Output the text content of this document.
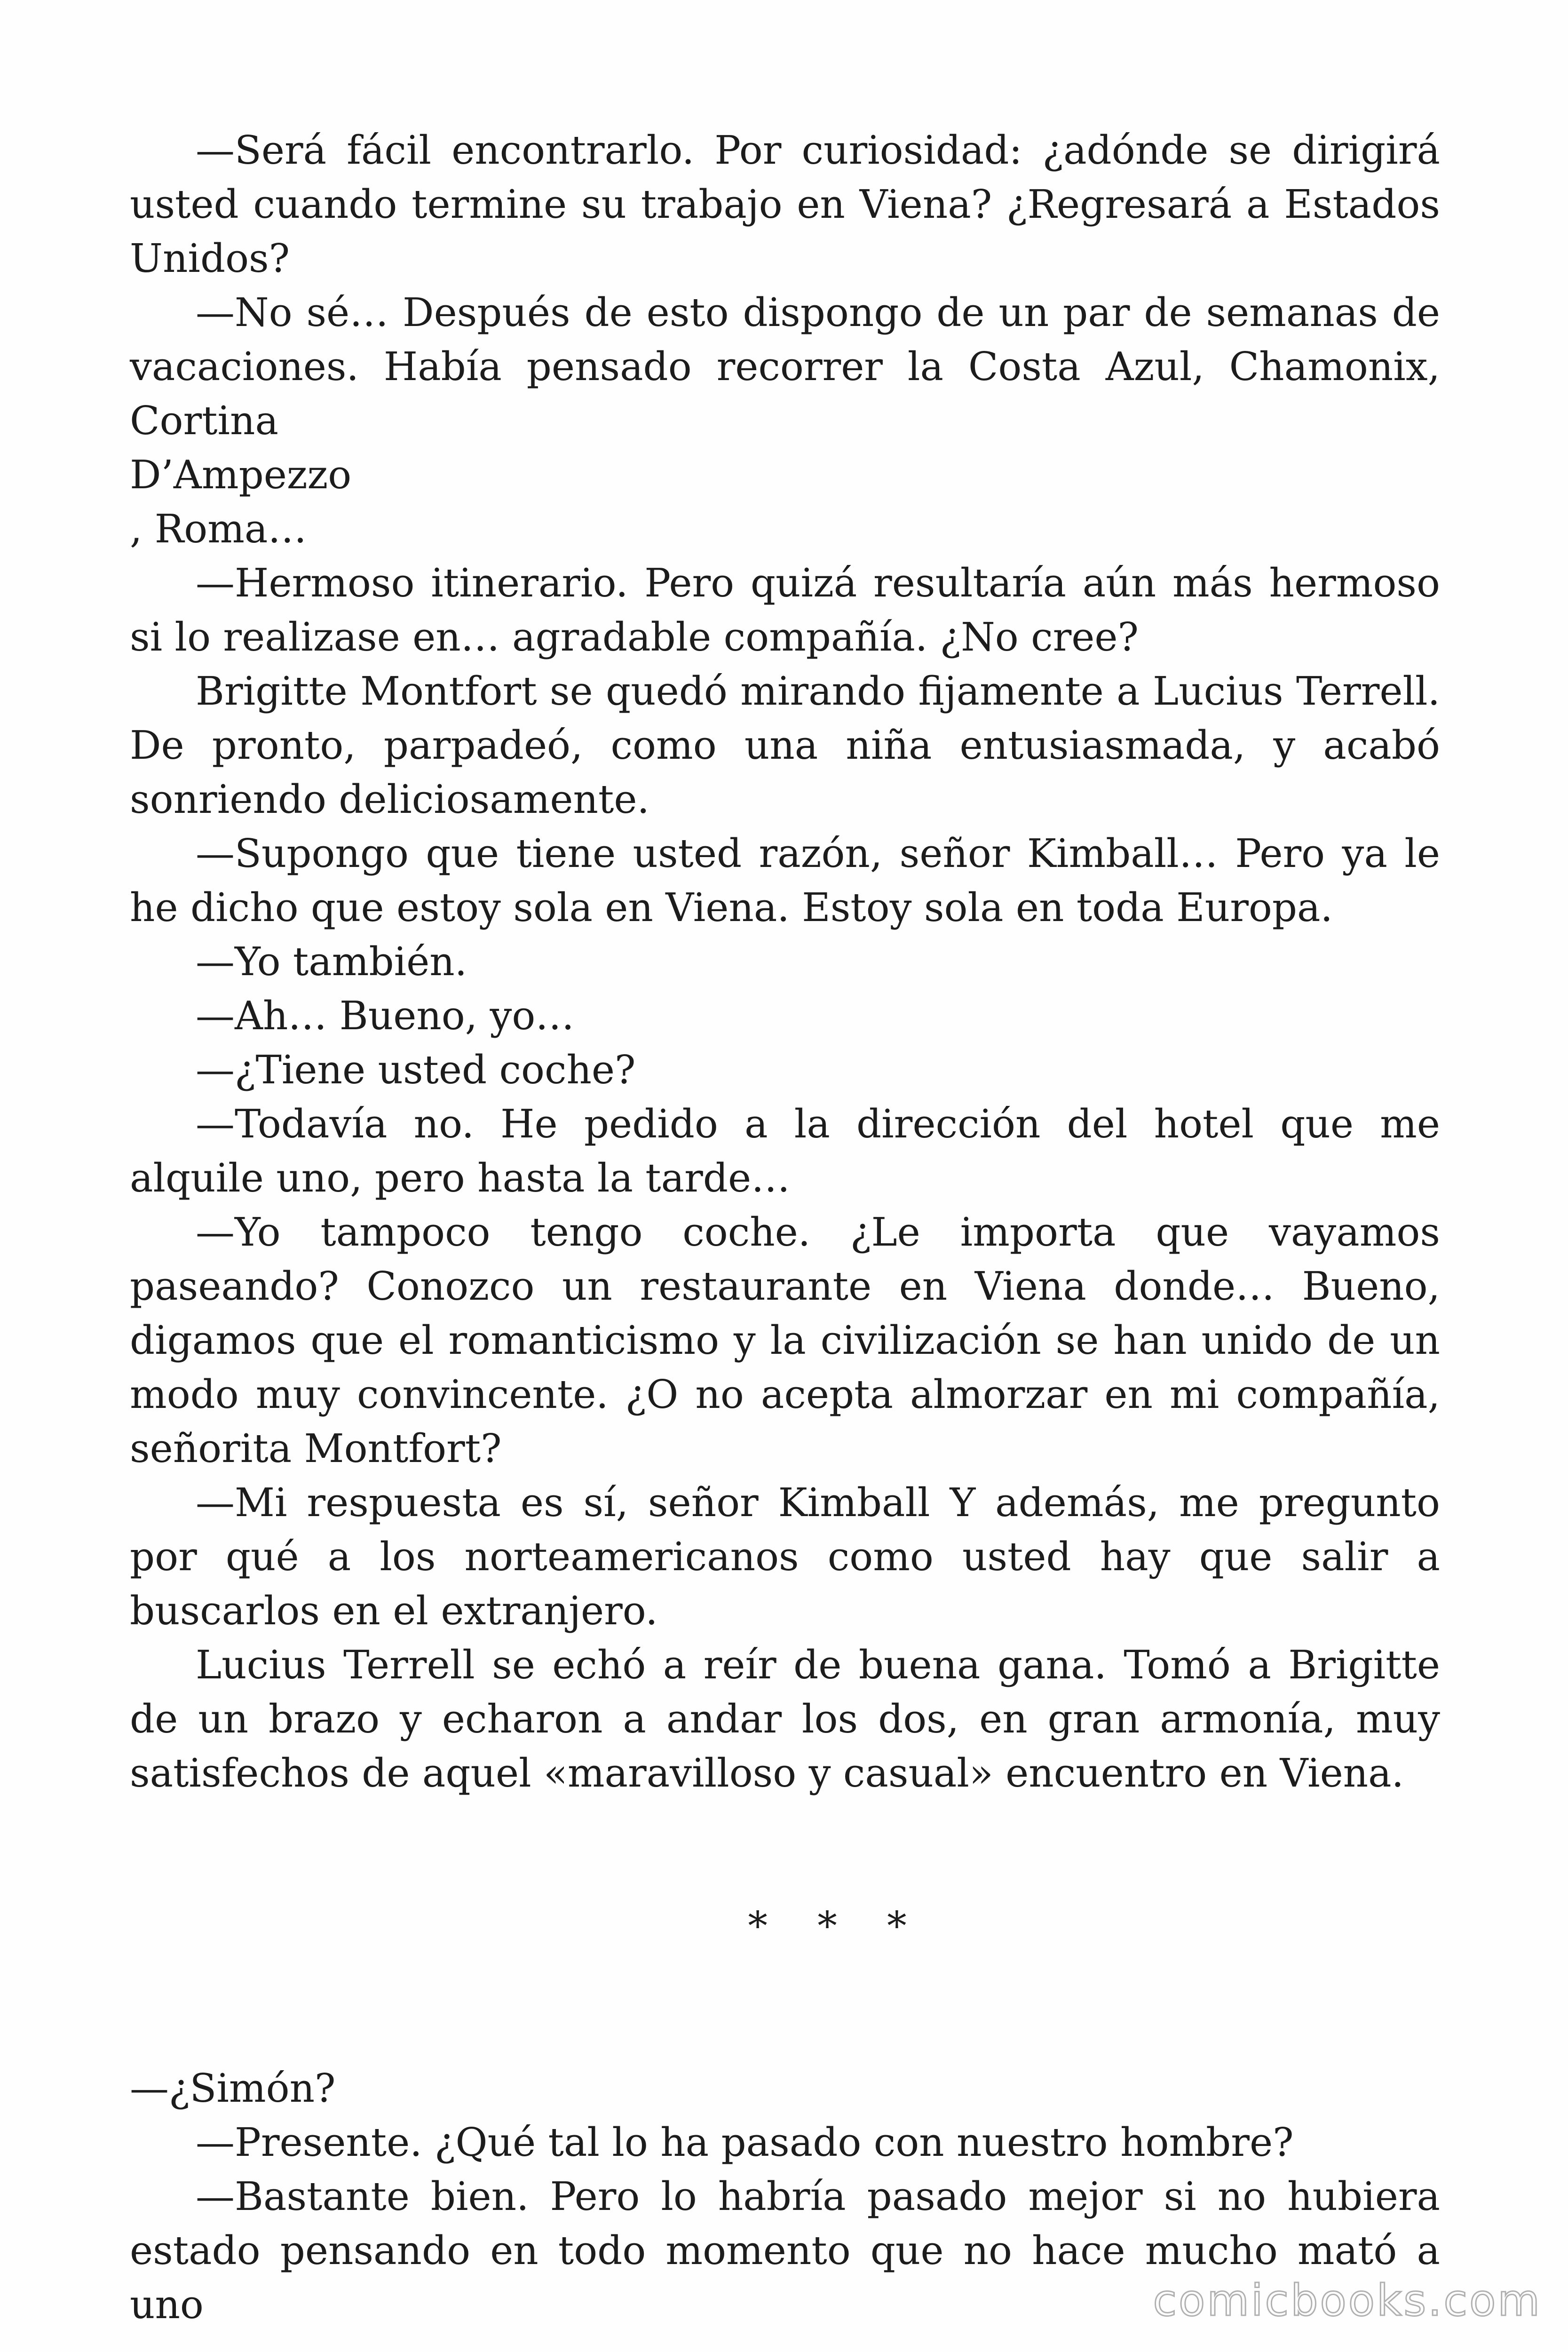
—Será fácil encontrarlo. Por curiosidad: ¿adónde se dirigirá usted cuando termine su trabajo en Viena? ¿Regresará a Estados Unidos?

—No sé… Después de esto dispongo de un par de semanas de vacaciones. Había pensado recorrer la Costa Azul, Chamonix, Cortina

D’Ampezzo

, Roma…

—Hermoso itinerario. Pero quizá resultaría aún más hermoso si lo realizase en… agradable compañía. ¿No cree?

Brigitte Montfort se quedó mirando fijamente a Lucius Terrell. De pronto, parpadeó, como una niña entusiasmada, y acabó sonriendo deliciosamente.

—Supongo que tiene usted razón, señor Kimball… Pero ya le he dicho que estoy sola en Viena. Estoy sola en toda Europa.

—Yo también.

—Ah… Bueno, yo…

—¿Tiene usted coche?

—Todavía no. He pedido a la dirección del hotel que me alquile uno, pero hasta la tarde…

—Yo tampoco tengo coche. ¿Le importa que vayamos paseando? Conozco un restaurante en Viena donde… Bueno, digamos que el romanticismo y la civilización se han unido de un modo muy convincente. ¿O no acepta almorzar en mi compañía, señorita Montfort?

—Mi respuesta es sí, señor Kimball Y además, me pregunto por qué a los norteamericanos como usted hay que salir a buscarlos en el extranjero.

Lucius Terrell se echó a reír de buena gana. Tomó a Brigitte de un brazo y echaron a andar los dos, en gran armonía, muy satisfechos de aquel «maravilloso y casual» encuentro en Viena.

* * *

—¿Simón?

—Presente. ¿Qué tal lo ha pasado con nuestro hombre?

—Bastante bien. Pero lo habría pasado mejor si no hubiera estado pensando en todo momento que no hace mucho mató a uno	comicbooks.com
